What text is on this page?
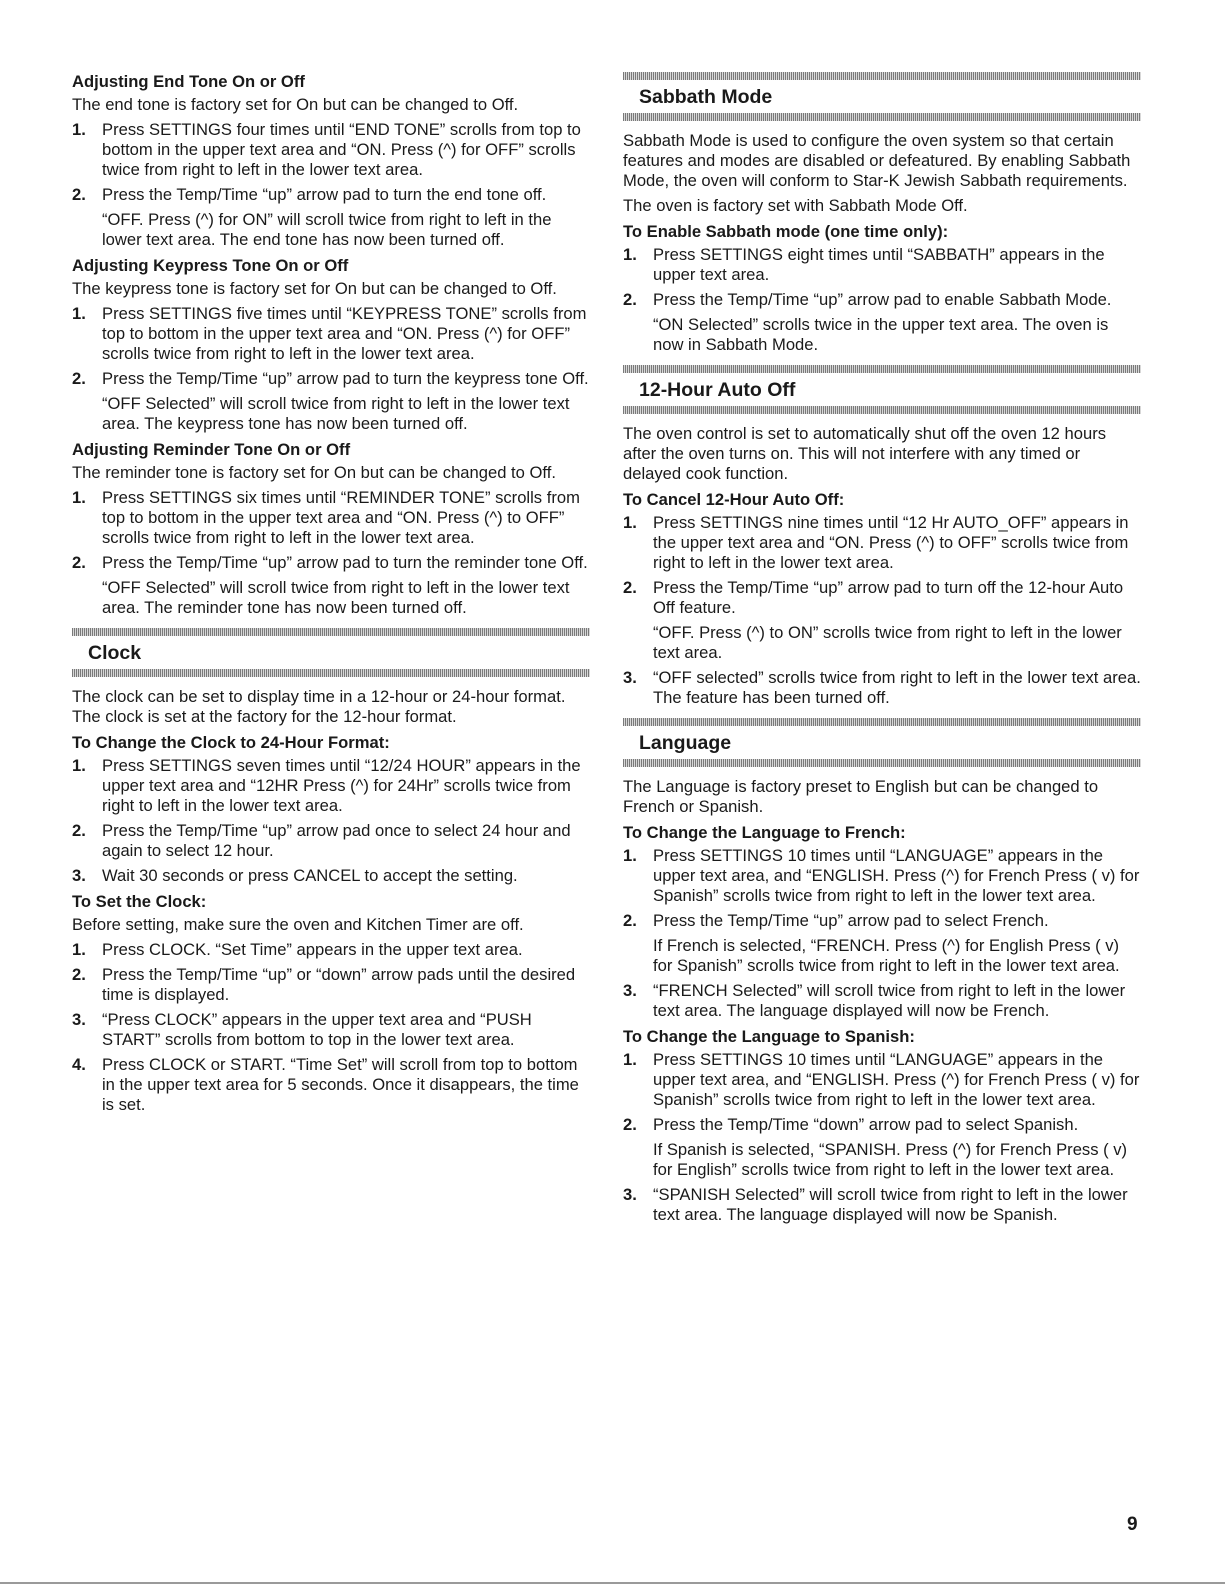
Adjusting End Tone On or Off
The end tone is factory set for On but can be changed to Off.
1. Press SETTINGS four times until “END TONE” scrolls from top to bottom in the upper text area and “ON. Press (^) for OFF” scrolls twice from right to left in the lower text area.
2. Press the Temp/Time “up” arrow pad to turn the end tone off.
“OFF. Press (^) for ON” will scroll twice from right to left in the lower text area. The end tone has now been turned off.
Adjusting Keypress Tone On or Off
The keypress tone is factory set for On but can be changed to Off.
1. Press SETTINGS five times until “KEYPRESS TONE” scrolls from top to bottom in the upper text area and “ON. Press (^) for OFF” scrolls twice from right to left in the lower text area.
2. Press the Temp/Time “up” arrow pad to turn the keypress tone Off.
“OFF Selected” will scroll twice from right to left in the lower text area. The keypress tone has now been turned off.
Adjusting Reminder Tone On or Off
The reminder tone is factory set for On but can be changed to Off.
1. Press SETTINGS six times until “REMINDER TONE” scrolls from top to bottom in the upper text area and “ON. Press (^) to OFF” scrolls twice from right to left in the lower text area.
2. Press the Temp/Time “up” arrow pad to turn the reminder tone Off.
“OFF Selected” will scroll twice from right to left in the lower text area. The reminder tone has now been turned off.
Clock
The clock can be set to display time in a 12-hour or 24-hour format. The clock is set at the factory for the 12-hour format.
To Change the Clock to 24-Hour Format:
1. Press SETTINGS seven times until “12/24 HOUR” appears in the upper text area and “12HR Press (^) for 24Hr” scrolls twice from right to left in the lower text area.
2. Press the Temp/Time “up” arrow pad once to select 24 hour and again to select 12 hour.
3. Wait 30 seconds or press CANCEL to accept the setting.
To Set the Clock:
Before setting, make sure the oven and Kitchen Timer are off.
1. Press CLOCK. “Set Time” appears in the upper text area.
2. Press the Temp/Time “up” or “down” arrow pads until the desired time is displayed.
3. “Press CLOCK” appears in the upper text area and “PUSH START” scrolls from bottom to top in the lower text area.
4. Press CLOCK or START. “Time Set” will scroll from top to bottom in the upper text area for 5 seconds. Once it disappears, the time is set.
Sabbath Mode
Sabbath Mode is used to configure the oven system so that certain features and modes are disabled or defeatured. By enabling Sabbath Mode, the oven will conform to Star-K Jewish Sabbath requirements.
The oven is factory set with Sabbath Mode Off.
To Enable Sabbath mode (one time only):
1. Press SETTINGS eight times until “SABBATH” appears in the upper text area.
2. Press the Temp/Time “up” arrow pad to enable Sabbath Mode.
“ON Selected” scrolls twice in the upper text area. The oven is now in Sabbath Mode.
12-Hour Auto Off
The oven control is set to automatically shut off the oven 12 hours after the oven turns on. This will not interfere with any timed or delayed cook function.
To Cancel 12-Hour Auto Off:
1. Press SETTINGS nine times until “12 Hr AUTO_OFF” appears in the upper text area and “ON. Press (^) to OFF” scrolls twice from right to left in the lower text area.
2. Press the Temp/Time “up” arrow pad to turn off the 12-hour Auto Off feature.
“OFF. Press (^) to ON” scrolls twice from right to left in the lower text area.
3. “OFF selected” scrolls twice from right to left in the lower text area. The feature has been turned off.
Language
The Language is factory preset to English but can be changed to French or Spanish.
To Change the Language to French:
1. Press SETTINGS 10 times until “LANGUAGE” appears in the upper text area, and “ENGLISH. Press (^) for French Press ( v) for Spanish” scrolls twice from right to left in the lower text area.
2. Press the Temp/Time “up” arrow pad to select French.
If French is selected, “FRENCH. Press (^) for English Press ( v) for Spanish” scrolls twice from right to left in the lower text area.
3. “FRENCH Selected” will scroll twice from right to left in the lower text area. The language displayed will now be French.
To Change the Language to Spanish:
1. Press SETTINGS 10 times until “LANGUAGE” appears in the upper text area, and “ENGLISH. Press (^) for French Press ( v) for Spanish” scrolls twice from right to left in the lower text area.
2. Press the Temp/Time “down” arrow pad to select Spanish.
If Spanish is selected, “SPANISH. Press (^) for French Press ( v) for English” scrolls twice from right to left in the lower text area.
3. “SPANISH Selected” will scroll twice from right to left in the lower text area. The language displayed will now be Spanish.
9
